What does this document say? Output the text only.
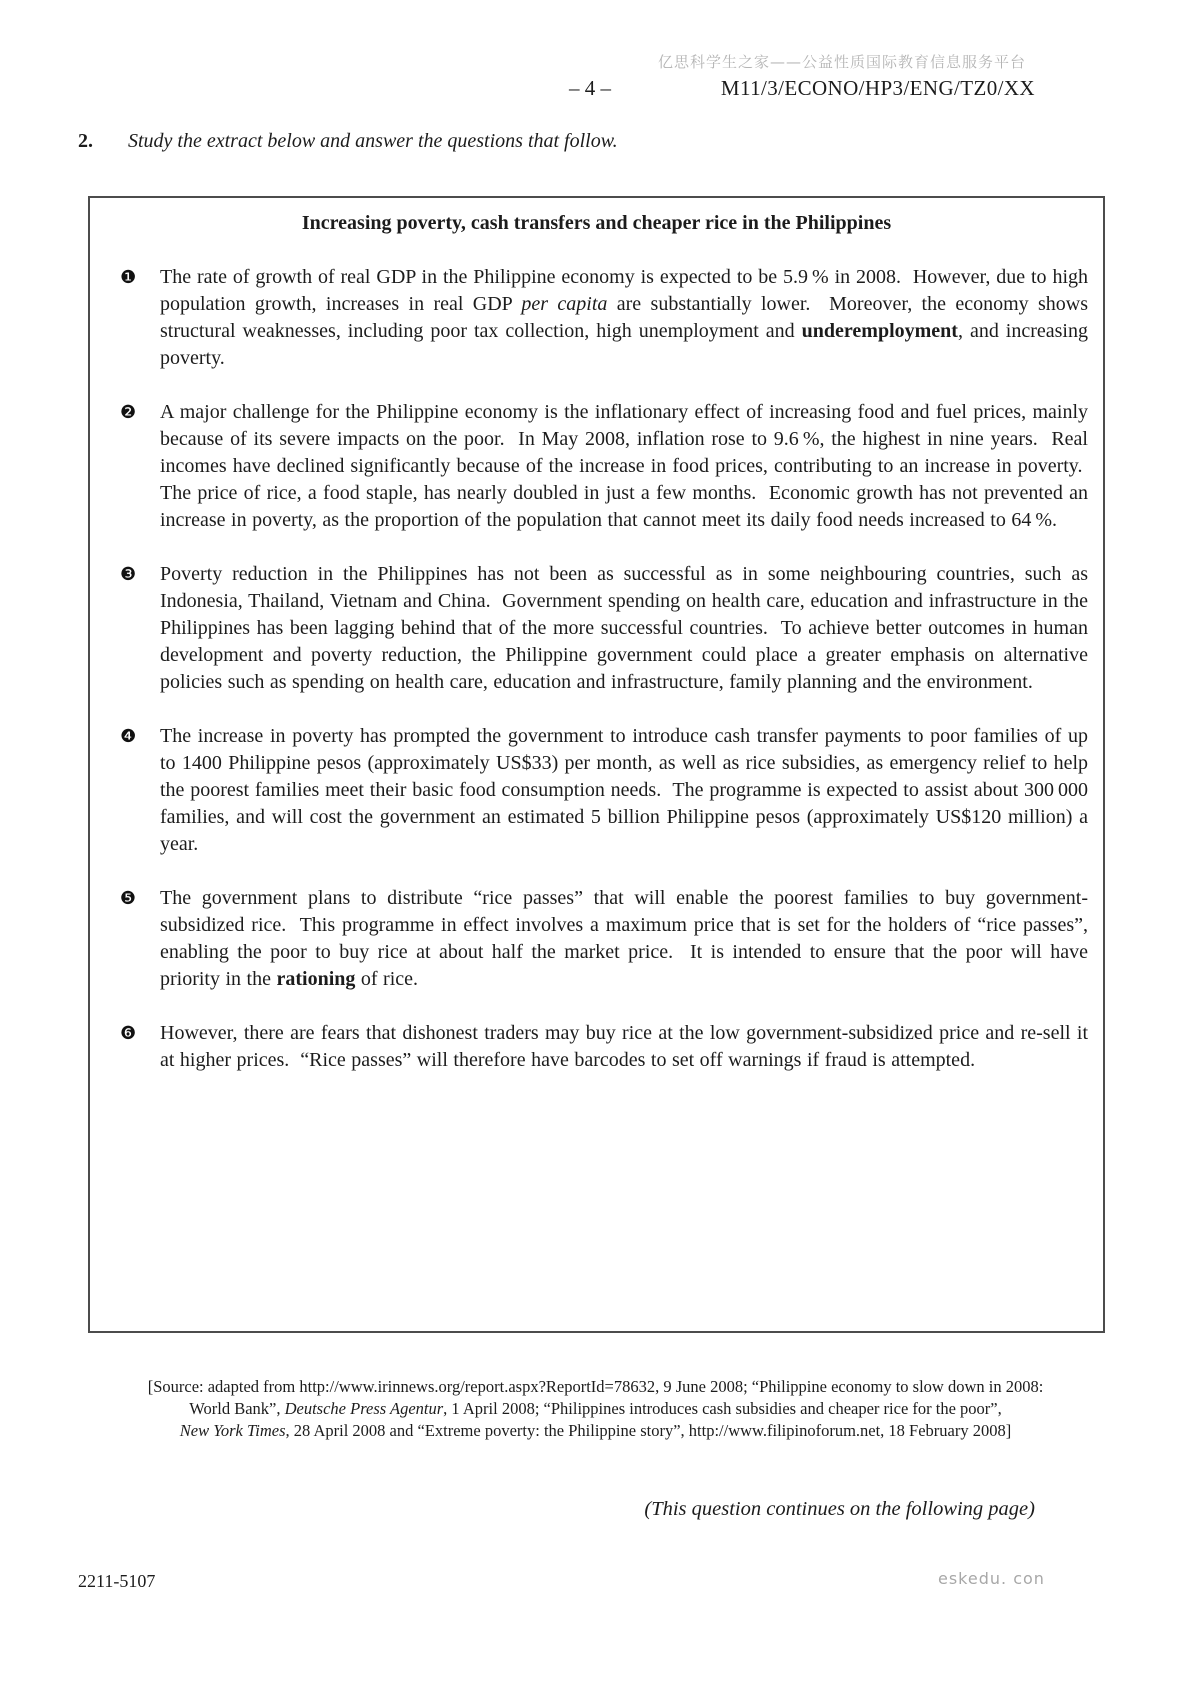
亿思科学生之家——公益性质国际教育信息服务平台
– 4 –	M11/3/ECONO/HP3/ENG/TZ0/XX
2. Study the extract below and answer the questions that follow.
Increasing poverty, cash transfers and cheaper rice in the Philippines
❶	The rate of growth of real GDP in the Philippine economy is expected to be 5.9 % in 2008.  However, due to high population growth, increases in real GDP per capita are substantially lower.  Moreover, the economy shows structural weaknesses, including poor tax collection, high unemployment and underemployment, and increasing poverty.
❷	A major challenge for the Philippine economy is the inflationary effect of increasing food and fuel prices, mainly because of its severe impacts on the poor.  In May 2008, inflation rose to 9.6 %, the highest in nine years.  Real incomes have declined significantly because of the increase in food prices, contributing to an increase in poverty.  The price of rice, a food staple, has nearly doubled in just a few months.  Economic growth has not prevented an increase in poverty, as the proportion of the population that cannot meet its daily food needs increased to 64 %.
❸	Poverty reduction in the Philippines has not been as successful as in some neighbouring countries, such as Indonesia, Thailand, Vietnam and China.  Government spending on health care, education and infrastructure in the Philippines has been lagging behind that of the more successful countries.  To achieve better outcomes in human development and poverty reduction, the Philippine government could place a greater emphasis on alternative policies such as spending on health care, education and infrastructure, family planning and the environment.
❹	The increase in poverty has prompted the government to introduce cash transfer payments to poor families of up to 1400 Philippine pesos (approximately US$33) per month, as well as rice subsidies, as emergency relief to help the poorest families meet their basic food consumption needs.  The programme is expected to assist about 300 000 families, and will cost the government an estimated 5 billion Philippine pesos (approximately US$120 million) a year.
❺	The government plans to distribute “rice passes” that will enable the poorest families to buy government-subsidized rice.  This programme in effect involves a maximum price that is set for the holders of “rice passes”, enabling the poor to buy rice at about half the market price.  It is intended to ensure that the poor will have priority in the rationing of rice.
❻	However, there are fears that dishonest traders may buy rice at the low government-subsidized price and re-sell it at higher prices.  “Rice passes” will therefore have barcodes to set off warnings if fraud is attempted.
[Source: adapted from http://www.irinnews.org/report.aspx?ReportId=78632, 9 June 2008; “Philippine economy to slow down in 2008:
World Bank”, Deutsche Press Agentur, 1 April 2008; “Philippines introduces cash subsidies and cheaper rice for the poor”,
New York Times, 28 April 2008 and “Extreme poverty: the Philippine story”, http://www.filipinoforum.net, 18 February 2008]
(This question continues on the following page)
2211-5107	eskedu. con
